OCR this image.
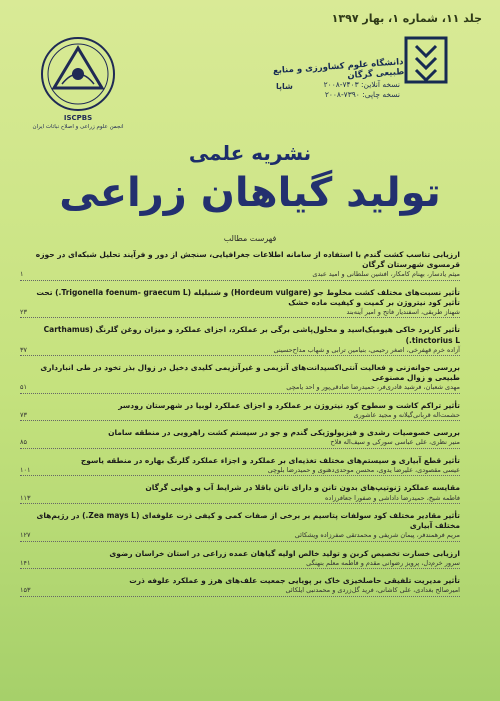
جلد ۱۱، شماره ۱، بهار ۱۳۹۷
ISCPBS
انجمن علوم زراعی و اصلاح نباتات ایران
دانشگاه علوم کشاورزی و منابع طبیعی گرگان
شاپا	نسخه آنلاین: ۷۴۰۳-۲۰۰۸
نسخه چاپی: ۷۳۹۰-۲۰۰۸
نشریه علمی
تولید گیاهان زراعی
فهرست مطالب
ارزیابی تناسب کشت گندم با استفاده از سامانه اطلاعات جغرافیایی، سنجش از دور و فرآیند تحلیل شبکه‌ای در حوزه قرمسوی شهرستان گرگان
میثم یادسار، بهنام کامکار، افشین سلطانی و امید عبدی
۱
تأثیر نسبت‌های مختلف کشت مخلوط جو (Hordeum vulgare) و شنبلیله (Trigonella foenum- graecum L.) تحت تأثیر کود نیتروژن بر کمیت و کیفیت ماده خشک
شهناز طریقی، اسفندیار فاتح و امیر آینه‌بند
۲۳
تأثیر کاربرد خاکی هیومیک‌اسید و محلول‌پاشی برگی بر عملکرد، اجزای عملکرد و میزان روغن گلرنگ (Carthamus tinctorius L.)
آزاده خرم قهفرخی، اصغر رحیمی، بنیامین ترابی و شهاب مداح‌حسینی
۳۷
بررسی جوانه‌زنی و فعالیت آنتی‌اکسیدانت‌های آنزیمی و غیرآنزیمی کلیدی دخیل در زوال بذر تخود در طی انبارداری طبیعی و زوال مصنوعی
مهدی شعبان، فرشید قادری‌فر، حمیدرضا صادقی‌پور و احد یامچی
۵۱
تأثیر تراکم کاشت و سطوح کود نیتروژن بر عملکرد و اجزای عملکرد لوبیا در شهرستان رودسر
حشمت‌اله قربانی‌گیلانه و مجید عاشوری
۷۳
بررسی خصوصیات رشدی و فیزیولوژیکی گندم و جو در سیستم کشت راهرویی در منطقه سامان
منیر نظری، علی عباسی سورکی و سیف‌اله فلاح
۸۵
تأثیر قطع آبیاری و سیستم‌های مختلف تغذیه‌ای بر عملکرد و اجزاء عملکرد گلرنگ بهاره در منطقه یاسوج
عیسی مقصودی، علیرضا یدوی، محسن موحدی‌دهنوی و حمیدرضا بلوچی
۱۰۱
مقایسه عملکرد ژنوتیپ‌های بدون تانن و دارای تانن باقلا در شرایط آب و هوایی گرگان
فاطمه شیخ، حمیدرضا داداشی و صفورا جعافرزاده
۱۱۳
تأثیر مقادیر مختلف کود سولفات پتاسیم بر برخی از صفات کمی و کیفی ذرت علوفه‌ای (Zea mays L.) در رژیم‌های مختلف آبیاری
مریم فرهمندفر، پیمان شریفی و محمدتقی صفرزاده ویشکائی
۱۲۷
ارزیابی خسارت تخصیص کربن و تولید خالص اولیه گیاهان عمده زراعی در استان خراسان رضوی
سرور خرم‌دل، پرویز رضوانی مقدم و فاطمه معلم بنهنگی
۱۴۱
تأثیر مدیریت تلفیقی حاصلخیزی خاک بر پویایی جمعیت علف‌های هرز و عملکرد علوفه ذرت
امیرصالح بغدادی، علی کاشانی، فرید گل‌زردی و محمدنبی ایلکائی
۱۵۳
